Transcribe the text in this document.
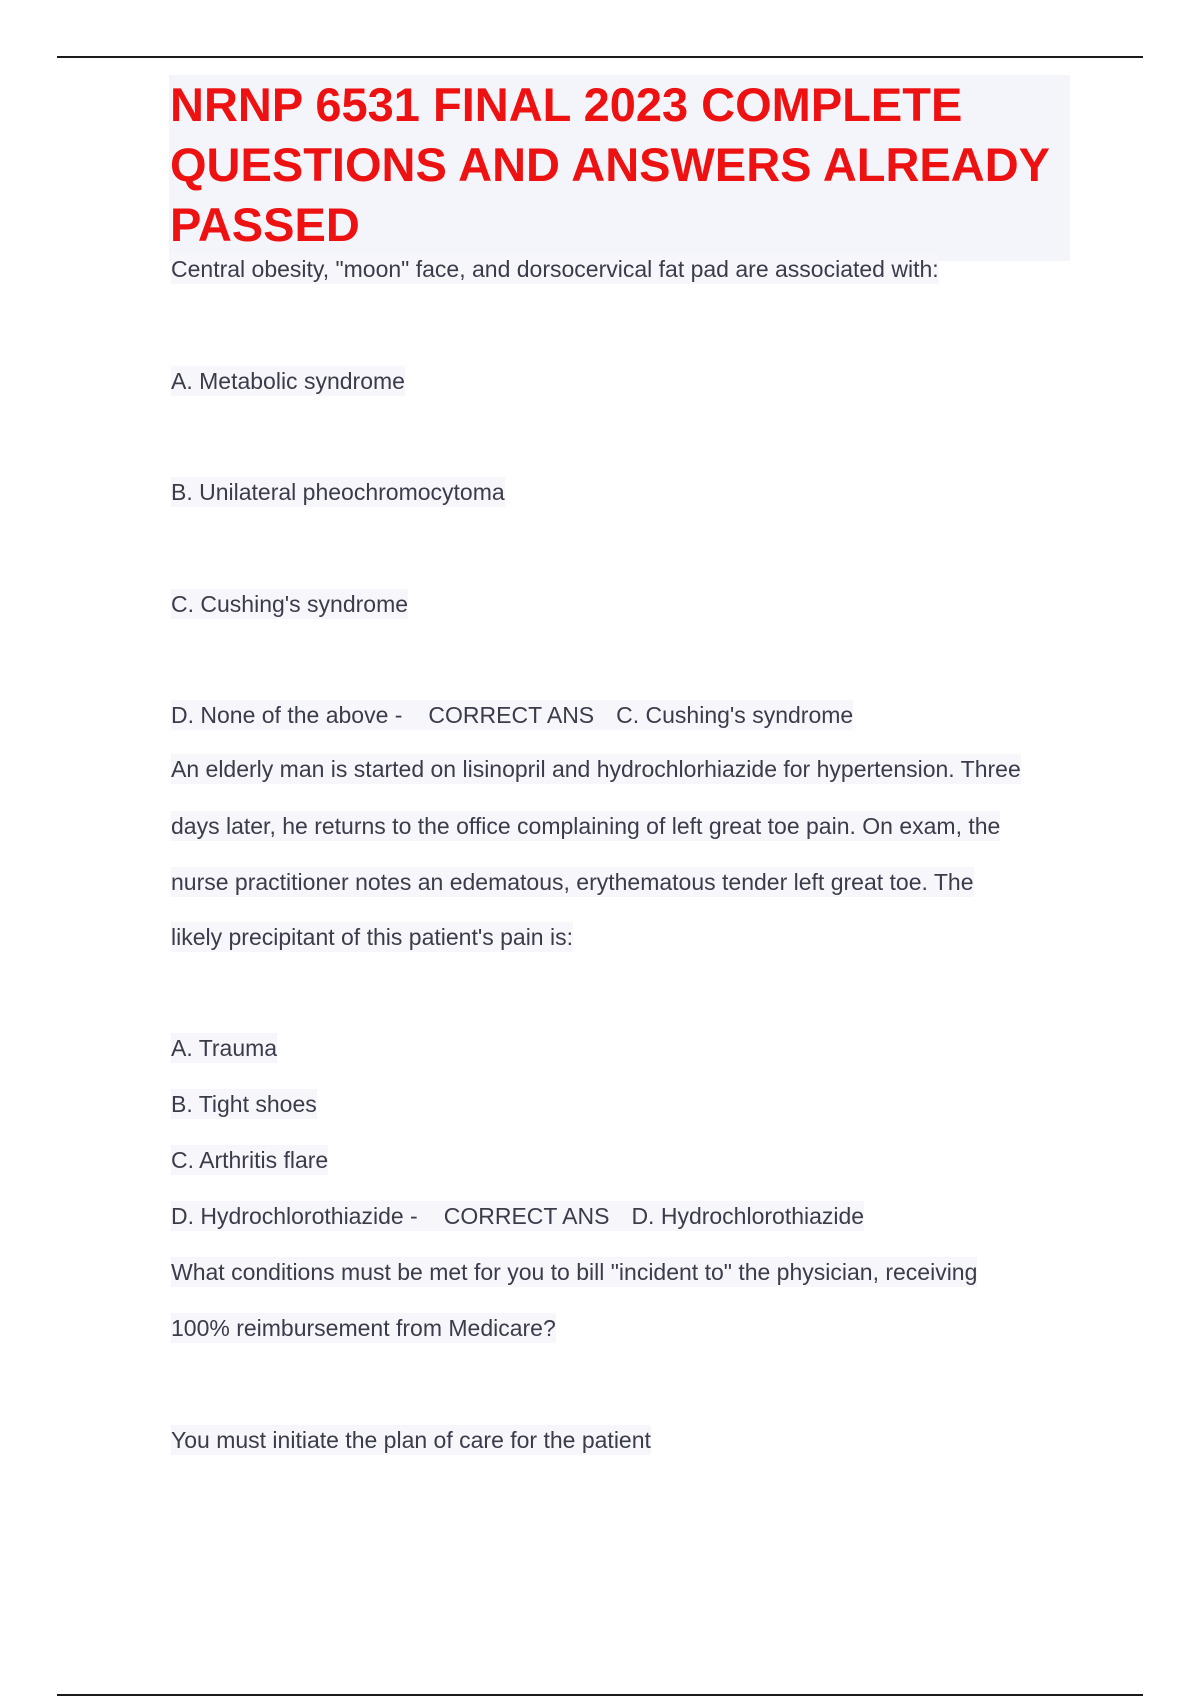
NRNP 6531 FINAL 2023 COMPLETE QUESTIONS AND ANSWERS ALREADY PASSED
Central obesity, "moon" face, and dorsocervical fat pad are associated with:
A. Metabolic syndrome
B. Unilateral pheochromocytoma
C. Cushing's syndrome
D. None of the above - CORRECT ANS C. Cushing's syndrome
An elderly man is started on lisinopril and hydrochlorhiazide for hypertension. Three
days later, he returns to the office complaining of left great toe pain. On exam, the
nurse practitioner notes an edematous, erythematous tender left great toe. The
likely precipitant of this patient's pain is:
A. Trauma
B. Tight shoes
C. Arthritis flare
D. Hydrochlorothiazide - CORRECT ANS D. Hydrochlorothiazide
What conditions must be met for you to bill "incident to" the physician, receiving
100% reimbursement from Medicare?
You must initiate the plan of care for the patient
